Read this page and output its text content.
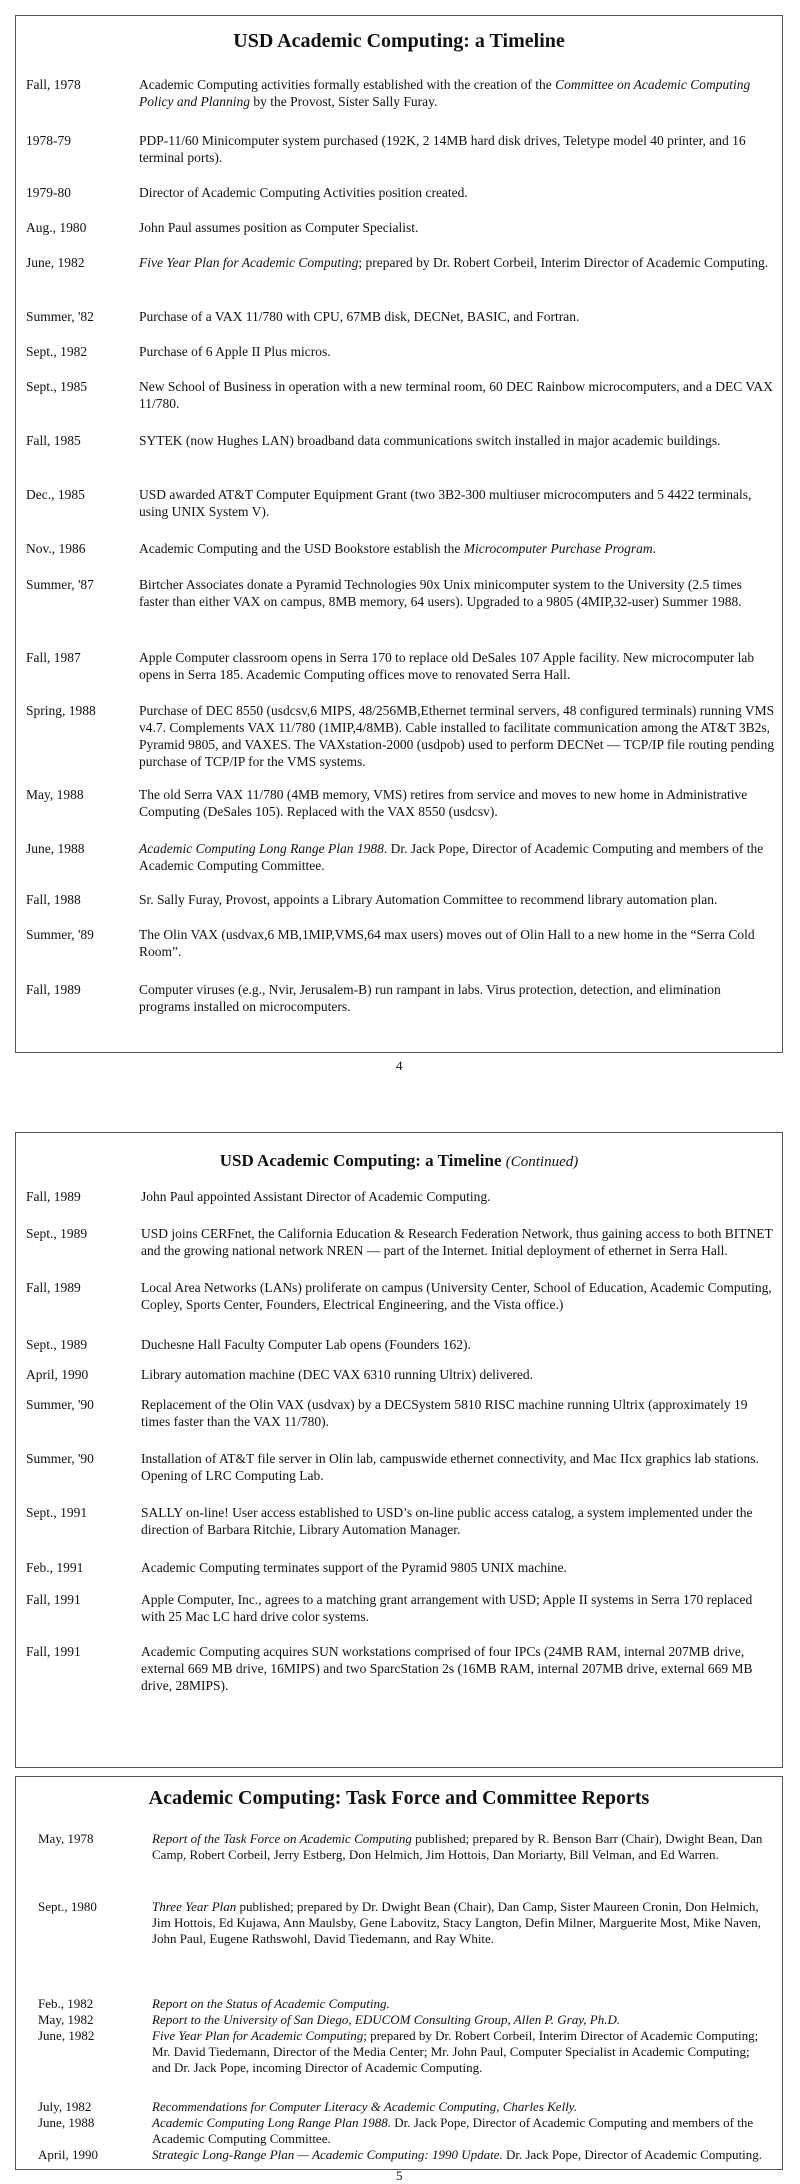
USD Academic Computing: a Timeline
Fall, 1978	Academic Computing activities formally established with the creation of the Committee on Academic Computing Policy and Planning by the Provost, Sister Sally Furay.
1978-79	PDP-11/60 Minicomputer system purchased (192K, 2 14MB hard disk drives, Teletype model 40 printer, and 16 terminal ports).
1979-80	Director of Academic Computing Activities position created.
Aug., 1980	John Paul assumes position as Computer Specialist.
June, 1982	Five Year Plan for Academic Computing; prepared by Dr. Robert Corbeil, Interim Director of Academic Computing.
Summer, '82	Purchase of a VAX 11/780 with CPU, 67MB disk, DECNet, BASIC, and Fortran.
Sept., 1982	Purchase of 6 Apple II Plus micros.
Sept., 1985	New School of Business in operation with a new terminal room, 60 DEC Rainbow microcomputers, and a DEC VAX 11/780.
Fall, 1985	SYTEK (now Hughes LAN) broadband data communications switch installed in major academic buildings.
Dec., 1985	USD awarded AT&T Computer Equipment Grant (two 3B2-300 multiuser microcomputers and 5 4422 terminals, using UNIX System V).
Nov., 1986	Academic Computing and the USD Bookstore establish the Microcomputer Purchase Program.
Summer, '87	Birtcher Associates donate a Pyramid Technologies 90x Unix minicomputer system to the University (2.5 times faster than either VAX on campus, 8MB memory, 64 users). Upgraded to a 9805 (4MIP,32-user) Summer 1988.
Fall, 1987	Apple Computer classroom opens in Serra 170 to replace old DeSales 107 Apple facility. New microcomputer lab opens in Serra 185. Academic Computing offices move to renovated Serra Hall.
Spring, 1988	Purchase of DEC 8550 (usdcsv,6 MIPS, 48/256MB,Ethernet terminal servers, 48 configured terminals) running VMS v4.7. Complements VAX 11/780 (1MIP,4/8MB). Cable installed to facilitate communication among the AT&T 3B2s, Pyramid 9805, and VAXES. The VAXstation-2000 (usdpob) used to perform DECNet — TCP/IP file routing pending purchase of TCP/IP for the VMS systems.
May, 1988	The old Serra VAX 11/780 (4MB memory, VMS) retires from service and moves to new home in Administrative Computing (DeSales 105). Replaced with the VAX 8550 (usdcsv).
June, 1988	Academic Computing Long Range Plan 1988. Dr. Jack Pope, Director of Academic Computing and members of the Academic Computing Committee.
Fall, 1988	Sr. Sally Furay, Provost, appoints a Library Automation Committee to recommend library automation plan.
Summer, '89	The Olin VAX (usdvax,6 MB,1MIP,VMS,64 max users) moves out of Olin Hall to a new home in the “Serra Cold Room”.
Fall, 1989	Computer viruses (e.g., Nvir, Jerusalem-B) run rampant in labs. Virus protection, detection, and elimination programs installed on microcomputers.
4
USD Academic Computing: a Timeline (Continued)
Fall, 1989	John Paul appointed Assistant Director of Academic Computing.
Sept., 1989	USD joins CERFnet, the California Education & Research Federation Network, thus gaining access to both BITNET and the growing national network NREN — part of the Internet. Initial deployment of ethernet in Serra Hall.
Fall, 1989	Local Area Networks (LANs) proliferate on campus (University Center, School of Education, Academic Computing, Copley, Sports Center, Founders, Electrical Engineering, and the Vista office.)
Sept., 1989	Duchesne Hall Faculty Computer Lab opens (Founders 162).
April, 1990	Library automation machine (DEC VAX 6310 running Ultrix) delivered.
Summer, '90	Replacement of the Olin VAX (usdvax) by a DECSystem 5810 RISC machine running Ultrix (approximately 19 times faster than the VAX 11/780).
Summer, '90	Installation of AT&T file server in Olin lab, campuswide ethernet connectivity, and Mac IIcx graphics lab stations. Opening of LRC Computing Lab.
Sept., 1991	SALLY on-line! User access established to USD’s on-line public access catalog, a system implemented under the direction of Barbara Ritchie, Library Automation Manager.
Feb., 1991	Academic Computing terminates support of the Pyramid 9805 UNIX machine.
Fall, 1991	Apple Computer, Inc., agrees to a matching grant arrangement with USD; Apple II systems in Serra 170 replaced with 25 Mac LC hard drive color systems.
Fall, 1991	Academic Computing acquires SUN workstations comprised of four IPCs (24MB RAM, internal 207MB drive, external 669 MB drive, 16MIPS) and two SparcStation 2s (16MB RAM, internal 207MB drive, external 669 MB drive, 28MIPS).
Academic Computing: Task Force and Committee Reports
May, 1978	Report of the Task Force on Academic Computing published; prepared by R. Benson Barr (Chair), Dwight Bean, Dan Camp, Robert Corbeil, Jerry Estberg, Don Helmich, Jim Hottois, Dan Moriarty, Bill Velman, and Ed Warren.
Sept., 1980	Three Year Plan published; prepared by Dr. Dwight Bean (Chair), Dan Camp, Sister Maureen Cronin, Don Helmich, Jim Hottois, Ed Kujawa, Ann Maulsby, Gene Labovitz, Stacy Langton, Defin Milner, Marguerite Most, Mike Naven, John Paul, Eugene Rathswohl, David Tiedemann, and Ray White.
Feb., 1982	Report on the Status of Academic Computing.
May, 1982	Report to the University of San Diego, EDUCOM Consulting Group, Allen P. Gray, Ph.D.
June, 1982	Five Year Plan for Academic Computing; prepared by Dr. Robert Corbeil, Interim Director of Academic Computing; Mr. David Tiedemann, Director of the Media Center; Mr. John Paul, Computer Specialist in Academic Computing; and Dr. Jack Pope, incoming Director of Academic Computing.
July, 1982	Recommendations for Computer Literacy & Academic Computing, Charles Kelly.
June, 1988	Academic Computing Long Range Plan 1988. Dr. Jack Pope, Director of Academic Computing and members of the Academic Computing Committee.
April, 1990	Strategic Long-Range Plan — Academic Computing: 1990 Update. Dr. Jack Pope, Director of Academic Computing.
5
